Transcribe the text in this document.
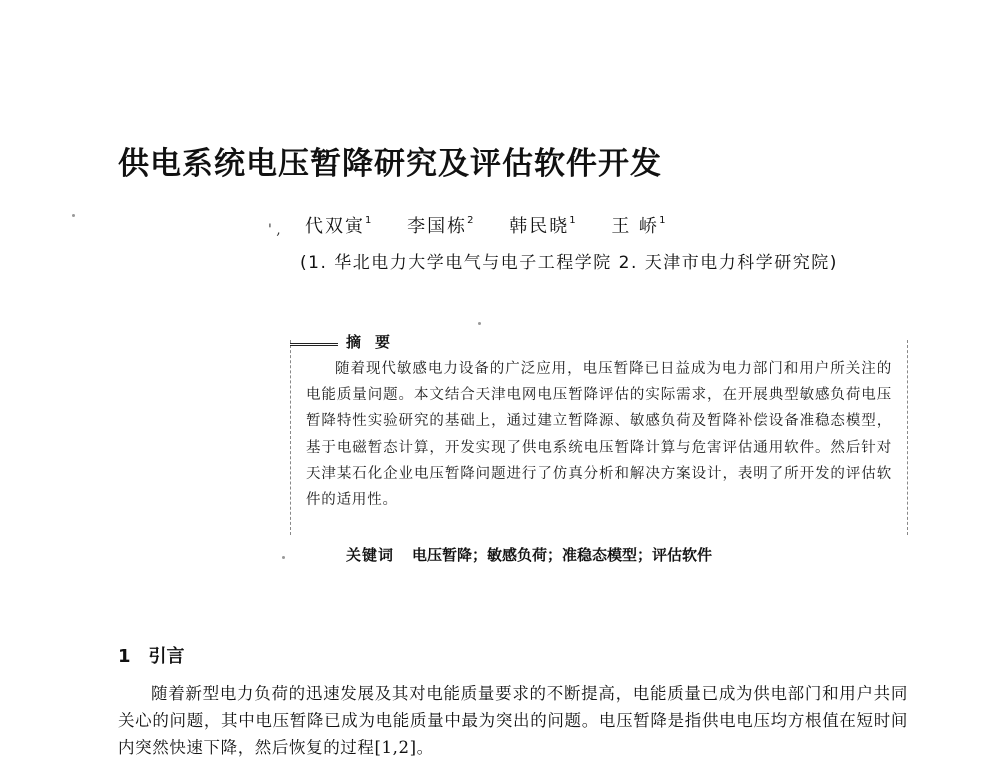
供电系统电压暂降研究及评估软件开发
' , 代双寅$^1$ 李国栋$^2$ 韩民晓$^1$ 王 峤$^1$
(1. 华北电力大学电气与电子工程学院 2. 天津市电力科学研究院)
摘要
随着现代敏感电力设备的广泛应用，电压暂降已日益成为电力部门和用户所关注的电能质量问题。本文结合天津电网电压暂降评估的实际需求，在开展典型敏感负荷电压暂降特性实验研究的基础上，通过建立暂降源、敏感负荷及暂降补偿设备准稳态模型，基于电磁暂态计算，开发实现了供电系统电压暂降计算与危害评估通用软件。然后针对天津某石化企业电压暂降问题进行了仿真分析和解决方案设计，表明了所开发的评估软件的适用性。
关键词 电压暂降；敏感负荷；准稳态模型；评估软件
1 引言
随着新型电力负荷的迅速发展及其对电能质量要求的不断提高，电能质量已成为供电部门和用户共同关心的问题，其中电压暂降已成为电能质量中最为突出的问题。电压暂降是指供电电压均方根值在短时间内突然快速下降，然后恢复的过程[1,2]。
